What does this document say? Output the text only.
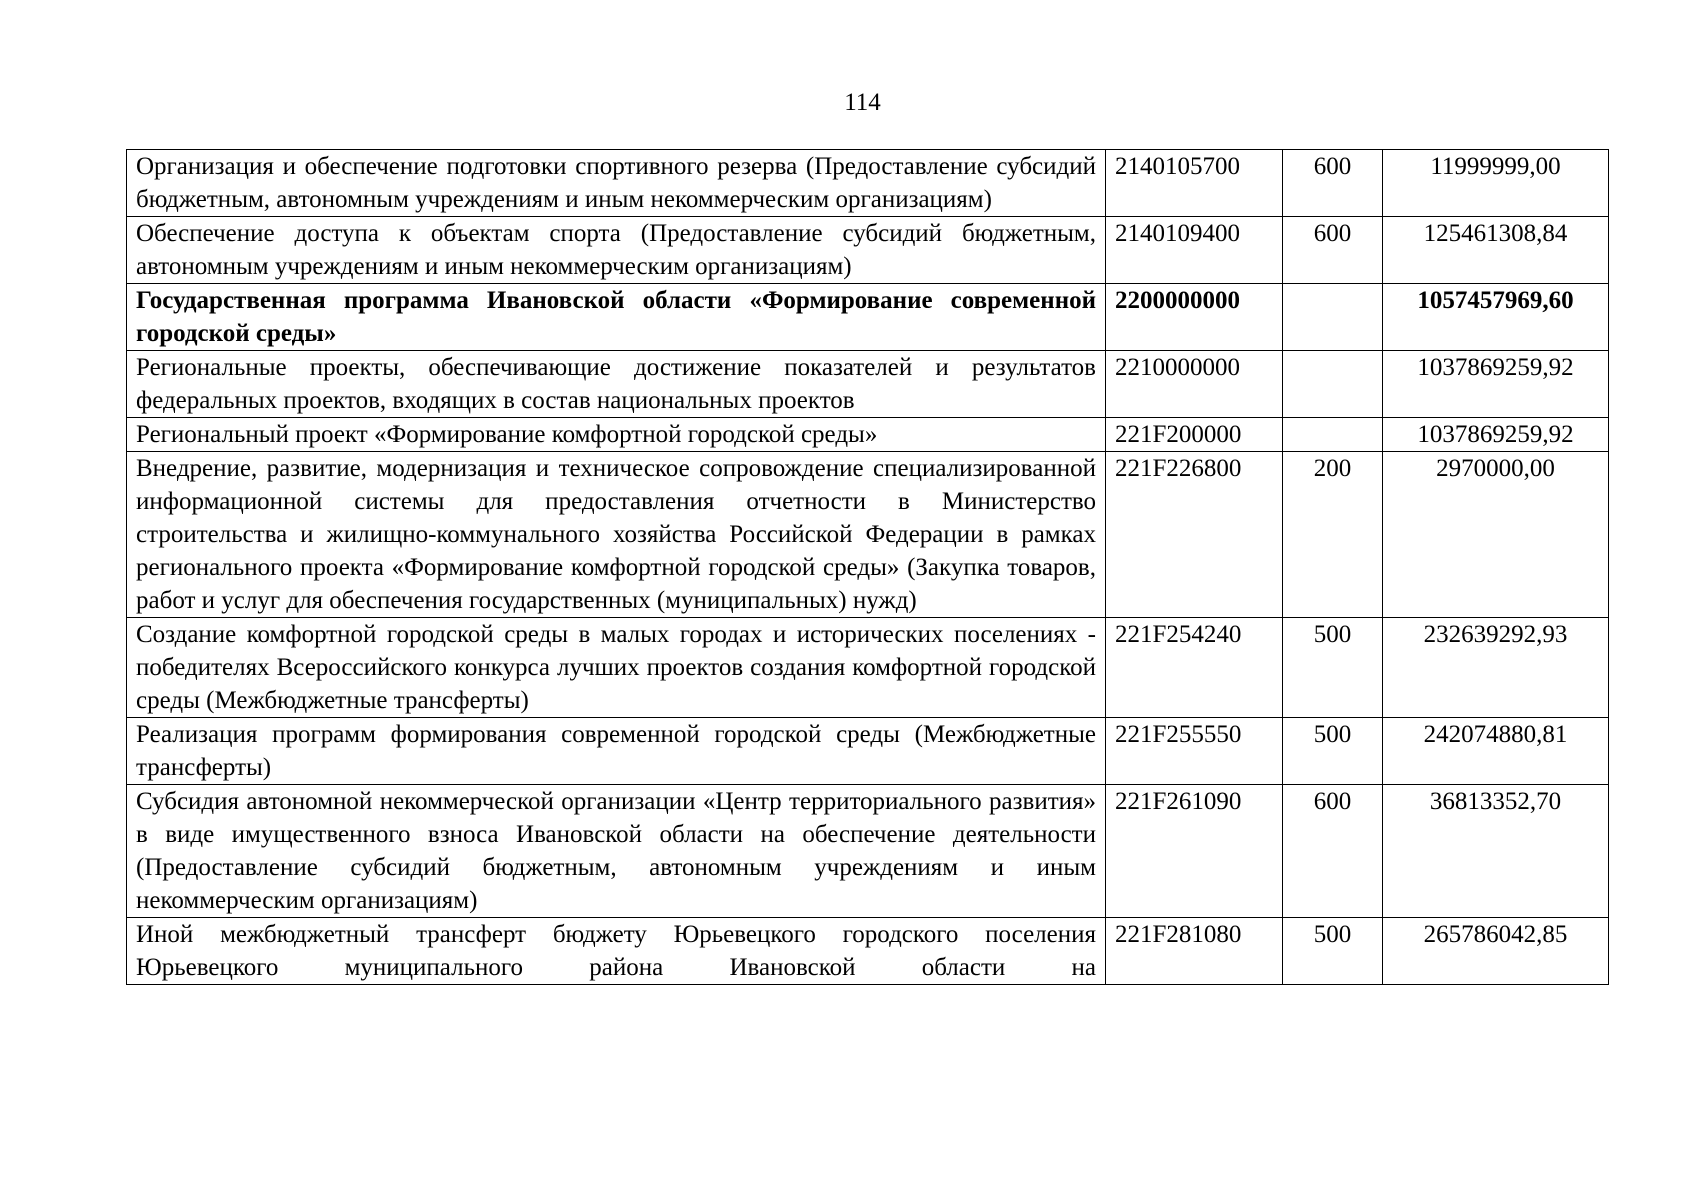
114
Организация и обеспечение подготовки спортивного резерва (Предоставление субсидий бюджетным, автономным учреждениям и иным некоммерческим организациям)	2140105700	600	11999999,00
Обеспечение доступа к объектам спорта (Предоставление субсидий бюджетным, автономным учреждениям и иным некоммерческим организациям)	2140109400	600	125461308,84
Государственная программа Ивановской области «Формирование современной городской среды»	2200000000		1057457969,60
Региональные проекты, обеспечивающие достижение показателей и результатов федеральных проектов, входящих в состав национальных проектов	2210000000		1037869259,92
Региональный проект «Формирование комфортной городской среды»	221F200000		1037869259,92
Внедрение, развитие, модернизация и техническое сопровождение специализированной информационной системы для предоставления отчетности в Министерство строительства и жилищно-коммунального хозяйства Российской Федерации в рамках регионального проекта «Формирование комфортной городской среды» (Закупка товаров, работ и услуг для обеспечения государственных (муниципальных) нужд)	221F226800	200	2970000,00
Создание комфортной городской среды в малых городах и исторических поселениях - победителях Всероссийского конкурса лучших проектов создания комфортной городской среды (Межбюджетные трансферты)	221F254240	500	232639292,93
Реализация программ формирования современной городской среды (Межбюджетные трансферты)	221F255550	500	242074880,81
Субсидия автономной некоммерческой организации «Центр территориального развития» в виде имущественного взноса Ивановской области на обеспечение деятельности (Предоставление субсидий бюджетным, автономным учреждениям и иным некоммерческим организациям)	221F261090	600	36813352,70
Иной межбюджетный трансферт бюджету Юрьевецкого городского поселения Юрьевецкого муниципального района Ивановской области на	221F281080	500	265786042,85
